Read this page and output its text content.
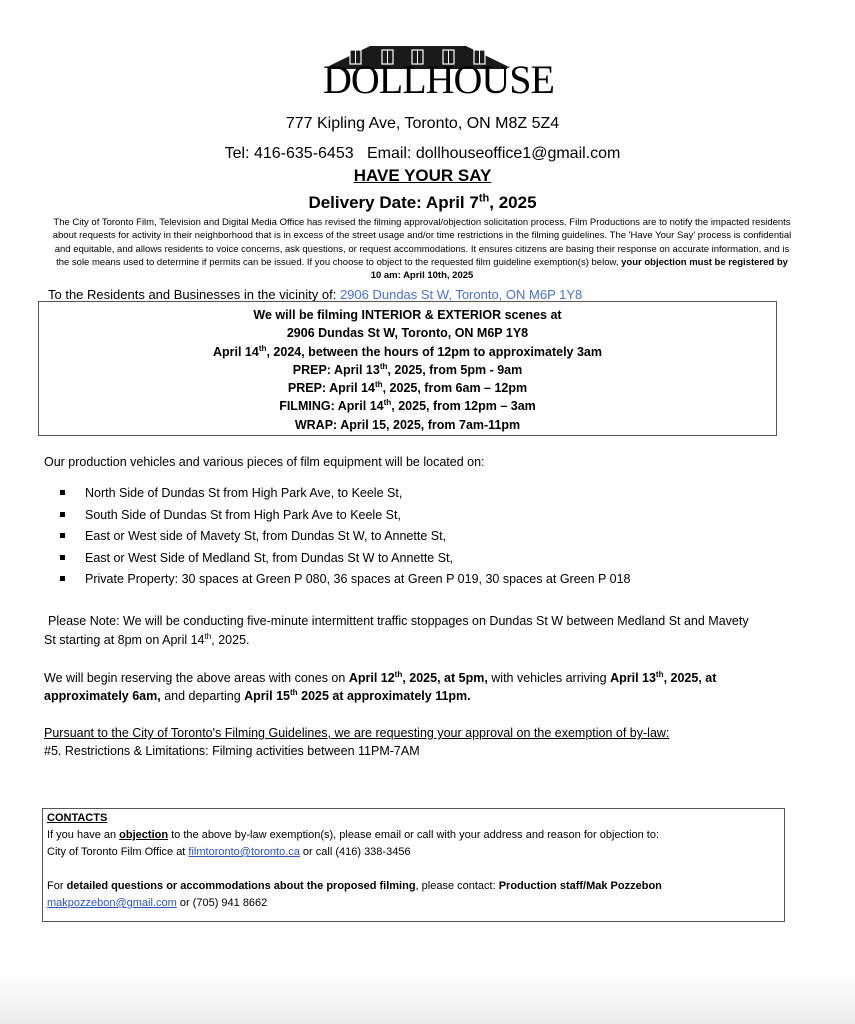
DOLLHOUSE
777 Kipling Ave, Toronto, ON M8Z 5Z4
Tel: 416-635-6453 Email: dollhouseoffice1@gmail.com
HAVE YOUR SAY
Delivery Date: April 7th, 2025
The City of Toronto Film, Television and Digital Media Office has revised the filming approval/objection solicitation process. Film Productions are to notify the impacted residents about requests for activity in their neighborhood that is in excess of the street usage and/or time restrictions in the filming guidelines. The 'Have Your Say' process is confidential and equitable, and allows residents to voice concerns, ask questions, or request accommodations. It ensures citizens are basing their response on accurate information, and is the sole means used to determine if permits can be issued. If you choose to object to the requested film guideline exemption(s) below, your objection must be registered by 10 am: April 10th, 2025
To the Residents and Businesses in the vicinity of: 2906 Dundas St W, Toronto, ON M6P 1Y8
We will be filming INTERIOR & EXTERIOR scenes at
2906 Dundas St W, Toronto, ON M6P 1Y8
April 14th, 2024, between the hours of 12pm to approximately 3am
PREP: April 13th, 2025, from 5pm - 9am
PREP: April 14th, 2025, from 6am – 12pm
FILMING: April 14th, 2025, from 12pm – 3am
WRAP: April 15, 2025, from 7am-11pm
Our production vehicles and various pieces of film equipment will be located on:
North Side of Dundas St from High Park Ave, to Keele St,
South Side of Dundas St from High Park Ave to Keele St,
East or West side of Mavety St, from Dundas St W, to Annette St,
East or West Side of Medland St, from Dundas St W to Annette St,
Private Property: 30 spaces at Green P 080, 36 spaces at Green P 019, 30 spaces at Green P 018
Please Note: We will be conducting five-minute intermittent traffic stoppages on Dundas St W between Medland St and Mavety
St starting at 8pm on April 14th, 2025.
We will begin reserving the above areas with cones on April 12th, 2025, at 5pm, with vehicles arriving April 13th, 2025, at
approximately 6am, and departing April 15th 2025 at approximately 11pm.
Pursuant to the City of Toronto's Filming Guidelines, we are requesting your approval on the exemption of by-law:
#5. Restrictions & Limitations: Filming activities between 11PM-7AM
CONTACTS
If you have an objection to the above by-law exemption(s), please email or call with your address and reason for objection to:
City of Toronto Film Office at filmtoronto@toronto.ca or call (416) 338-3456
For detailed questions or accommodations about the proposed filming, please contact: Production staff/Mak Pozzebon
makpozzebon@gmail.com or (705) 941 8662
